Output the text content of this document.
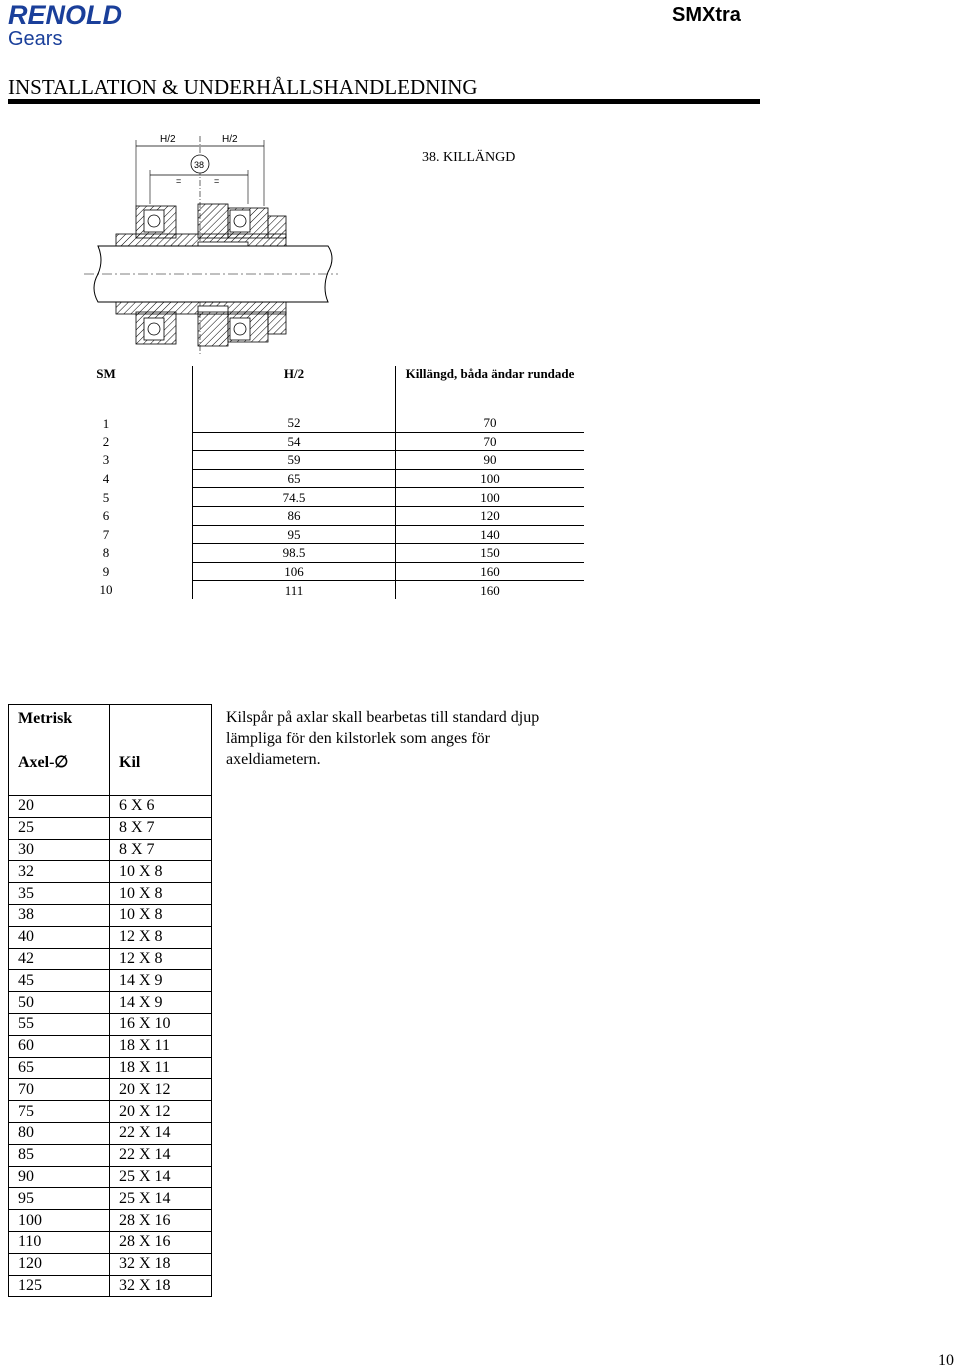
RENOLD
Gears
SMXtra
INSTALLATION & UNDERHÅLLSHANDLEDNING
38. KILLÄNGD
H/2	H/2
38
=	=
SM	H/2	Killängd, båda ändar rundade
1	52	70
2	54	70
3	59	90
4	65	100
5	74.5	100
6	86	120
7	95	140
8	98.5	150
9	106	160
10	111	160
Metrisk	
Axel-∅	Kil
20	6 X 6
25	8 X 7
30	8 X 7
32	10 X 8
35	10 X 8
38	10 X 8
40	12 X 8
42	12 X 8
45	14 X 9
50	14 X 9
55	16 X 10
60	18 X 11
65	18 X 11
70	20 X 12
75	20 X 12
80	22 X 14
85	22 X 14
90	25 X 14
95	25 X 14
100	28 X 16
110	28 X 16
120	32 X 18
125	32 X 18
Kilspår på axlar skall bearbetas till standard djup lämpliga för den kilstorlek som anges för axeldiametern.
10
